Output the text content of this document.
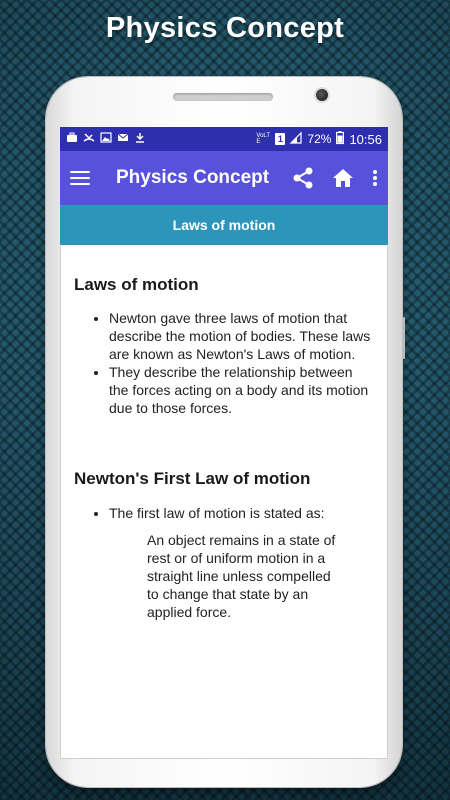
Physics Concept
VoLTE	1 72% 10:56
Physics Concept
Laws of motion
Laws of motion
• Newton gave three laws of motion that describe the motion of bodies. These laws are known as Newton's Laws of motion.
• They describe the relationship between the forces acting on a body and its motion due to those forces.
Newton's First Law of motion
• The first law of motion is stated as:
An object remains in a state of rest or of uniform motion in a straight line unless compelled to change that state by an applied force.
